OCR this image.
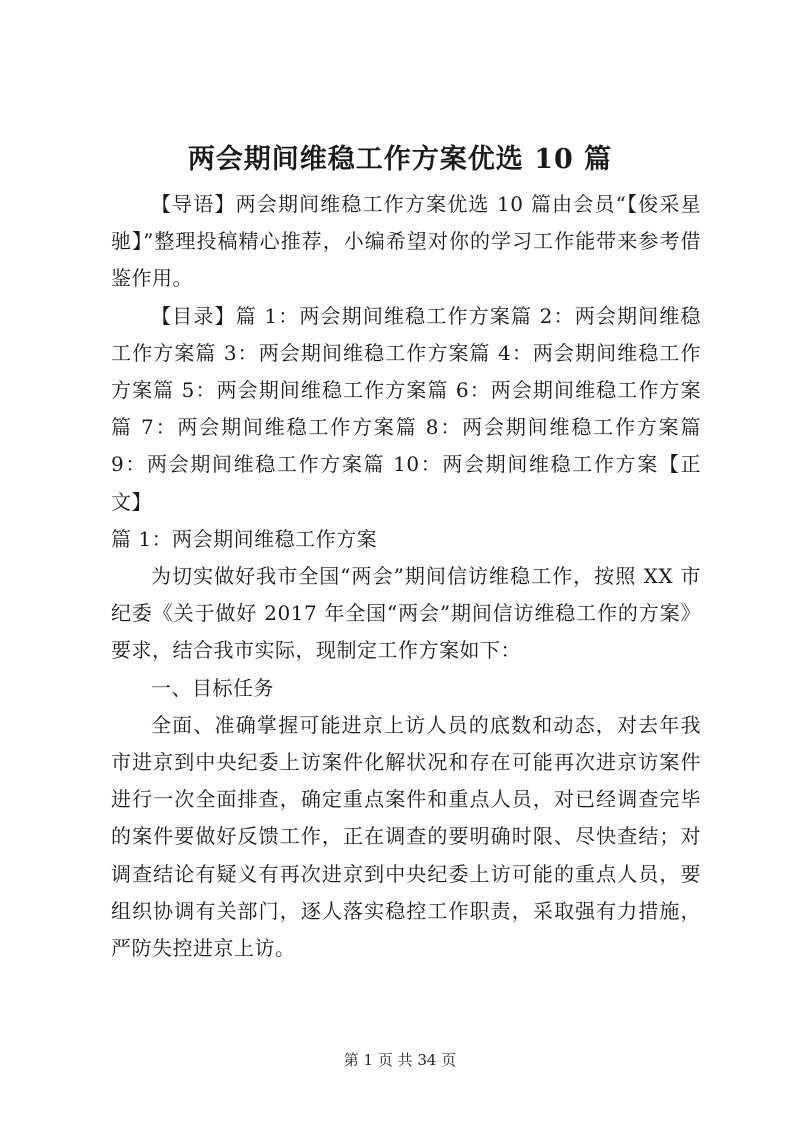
两会期间维稳工作方案优选 10 篇

【导语】两会期间维稳工作方案优选 10 篇由会员“【俊采星驰】”整理投稿精心推荐，小编希望对你的学习工作能带来参考借鉴作用。

【目录】篇 1：两会期间维稳工作方案篇 2：两会期间维稳工作方案篇 3：两会期间维稳工作方案篇 4：两会期间维稳工作方案篇 5：两会期间维稳工作方案篇 6：两会期间维稳工作方案篇 7：两会期间维稳工作方案篇 8：两会期间维稳工作方案篇 9：两会期间维稳工作方案篇 10：两会期间维稳工作方案【正文】

篇 1：两会期间维稳工作方案

为切实做好我市全国“两会”期间信访维稳工作，按照 XX 市纪委《关于做好 2017 年全国“两会”期间信访维稳工作的方案》要求，结合我市实际，现制定工作方案如下：

一、目标任务

全面、准确掌握可能进京上访人员的底数和动态，对去年我市进京到中央纪委上访案件化解状况和存在可能再次进京访案件进行一次全面排查，确定重点案件和重点人员，对已经调查完毕的案件要做好反馈工作，正在调查的要明确时限、尽快查结；对调查结论有疑义有再次进京到中央纪委上访可能的重点人员，要组织协调有关部门，逐人落实稳控工作职责，采取强有力措施，严防失控进京上访。

第 1 页 共 34 页
